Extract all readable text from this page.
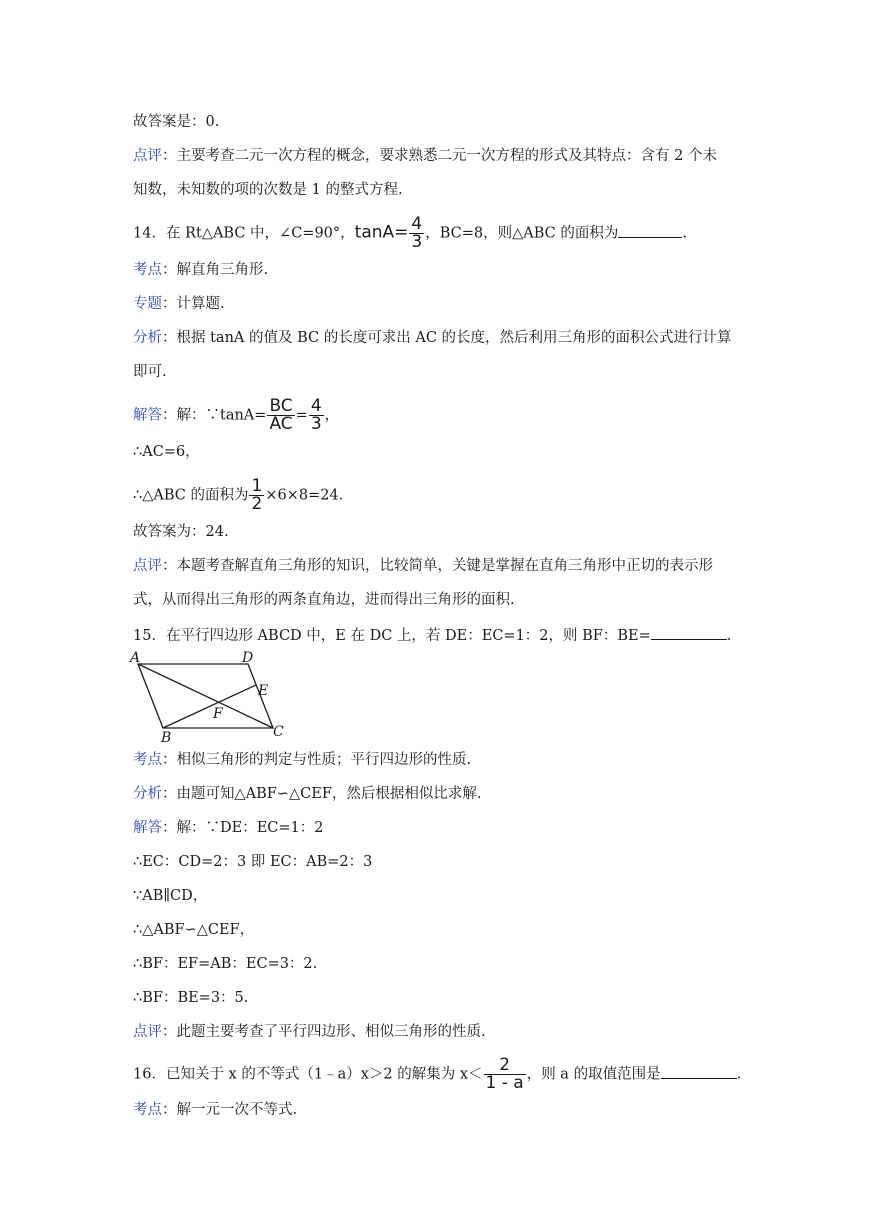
故答案是：0.
点评：主要考查二元一次方程的概念，要求熟悉二元一次方程的形式及其特点：含有 2 个未
知数，未知数的项的次数是 1 的整式方程.
14．在 Rt△ABC 中，∠C=90°，$\tan A= \frac{4}{3}$ ，BC=8，则△ABC 的面积为	.
考点：解直角三角形.
专题：计算题.
分析：根据 tanA 的值及 BC 的长度可求出 AC 的长度，然后利用三角形的面积公式进行计算
即可.
解答：解：∵tanA= $\frac{BC}{AC} = \frac{4}{3}$ ，
∴AC=6，
∴△ABC 的面积为 $\frac{1}{2} \times 6\times 8=24$.
故答案为：24.
点评：本题考查解直角三角形的知识，比较简单，关键是掌握在直角三角形中正切的表示形
式，从而得出三角形的两条直角边，进而得出三角形的面积.
15．在平行四边形 ABCD 中，E 在 DC 上，若 DE：EC=1：2，则 BF：BE=	.
A	D
E
F
B	C
考点：相似三角形的判定与性质；平行四边形的性质.
分析：由题可知△ABF∽△CEF，然后根据相似比求解.
解答：解：∵DE：EC=1：2
∴EC：CD=2：3 即 EC：AB=2：3
∵AB∥CD，
∴△ABF∽△CEF，
∴BF：EF=AB：EC=3：2.
∴BF：BE=3：5.
点评：此题主要考查了平行四边形、相似三角形的性质.
16．已知关于 x 的不等式（1﹣a）x＞2 的解集为 $x< \frac{2}{1 - a}$ ，则 a 的取值范围是	.
考点：解一元一次不等式.
